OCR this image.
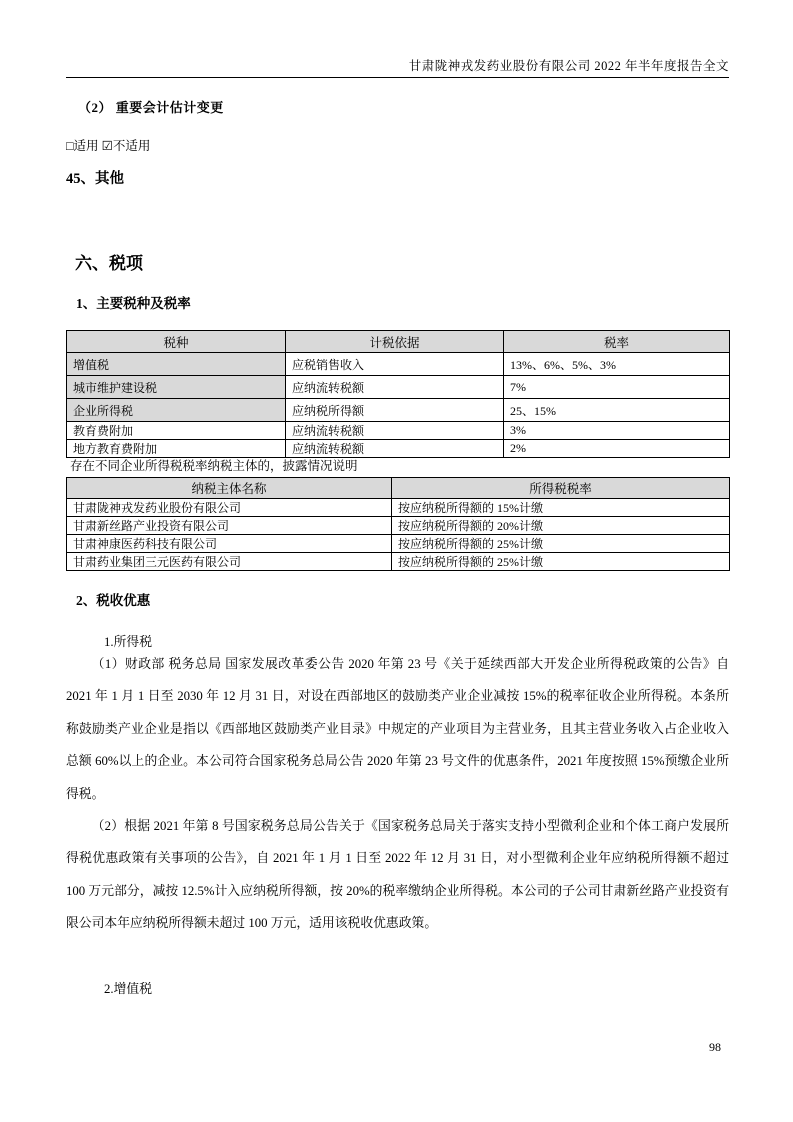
甘肃陇神戎发药业股份有限公司 2022 年半年度报告全文
（2） 重要会计估计变更
□适用 ☑不适用
45、其他
六、税项
1、主要税种及税率
税种	计税依据	税率
增值税	应税销售收入	13%、6%、5%、3%
城市维护建设税	应纳流转税额	7%
企业所得税	应纳税所得额	25、15%
教育费附加	应纳流转税额	3%
地方教育费附加	应纳流转税额	2%
存在不同企业所得税税率纳税主体的，披露情况说明
纳税主体名称	所得税税率
甘肃陇神戎发药业股份有限公司	按应纳税所得额的 15%计缴
甘肃新丝路产业投资有限公司	按应纳税所得额的 20%计缴
甘肃神康医药科技有限公司	按应纳税所得额的 25%计缴
甘肃药业集团三元医药有限公司	按应纳税所得额的 25%计缴
2、税收优惠
1.所得税
（1）财政部 税务总局 国家发展改革委公告 2020 年第 23 号《关于延续西部大开发企业所得税政策的公告》自 2021 年 1 月 1 日至 2030 年 12 月 31 日，对设在西部地区的鼓励类产业企业减按 15%的税率征收企业所得税。本条所称鼓励类产业企业是指以《西部地区鼓励类产业目录》中规定的产业项目为主营业务，且其主营业务收入占企业收入总额 60%以上的企业。本公司符合国家税务总局公告 2020 年第 23 号文件的优惠条件，2021 年度按照 15%预缴企业所得税。
（2）根据 2021 年第 8 号国家税务总局公告关于《国家税务总局关于落实支持小型微利企业和个体工商户发展所得税优惠政策有关事项的公告》，自 2021 年 1 月 1 日至 2022 年 12 月 31 日，对小型微利企业年应纳税所得额不超过 100 万元部分，减按 12.5%计入应纳税所得额，按 20%的税率缴纳企业所得税。本公司的子公司甘肃新丝路产业投资有限公司本年应纳税所得额未超过 100 万元，适用该税收优惠政策。
2.增值税
98
